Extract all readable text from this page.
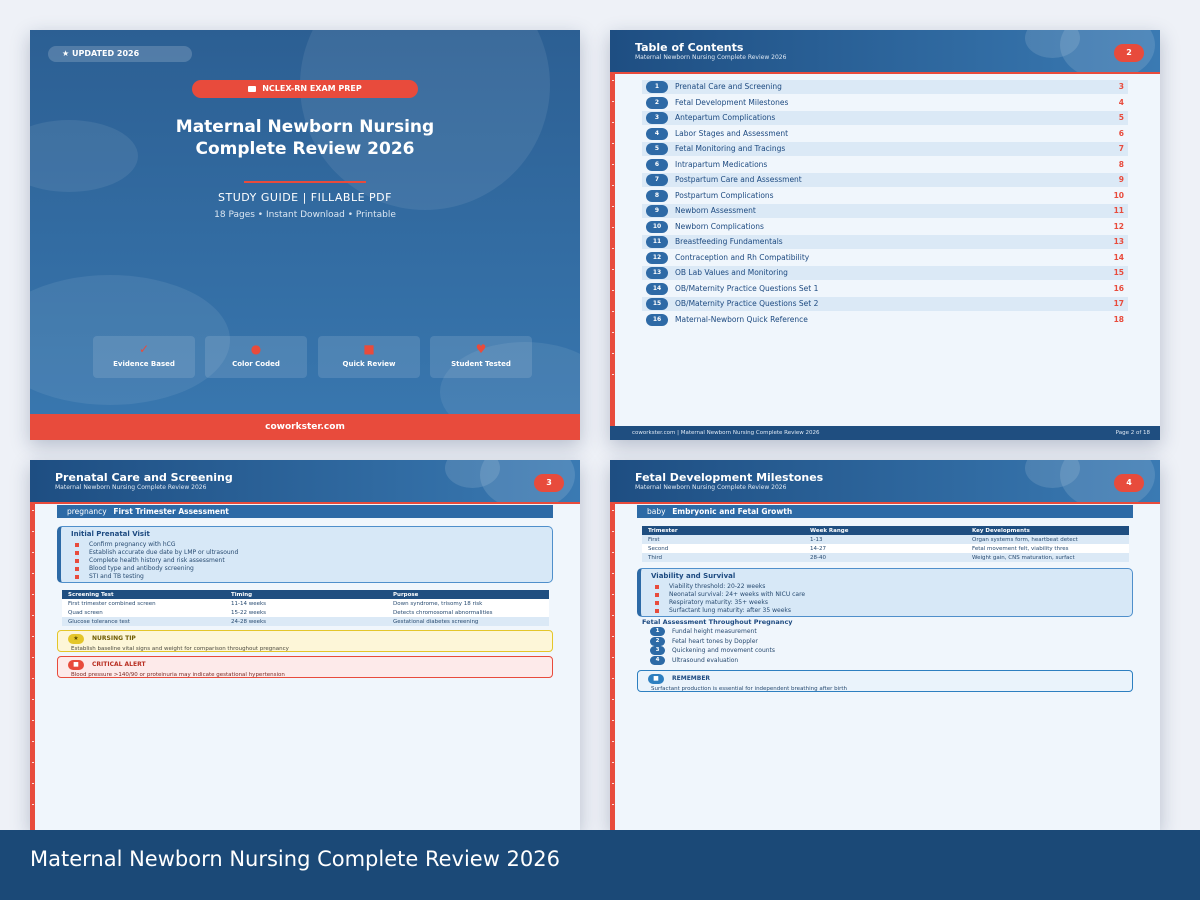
★ UPDATED 2026
NCLEX-RN EXAM PREP
Maternal Newborn Nursing
Complete Review 2026
STUDY GUIDE | FILLABLE PDF
18 Pages • Instant Download • Printable
✓
Evidence Based
●
Color Coded
■
Quick Review
♥
Student Tested
coworkster.com
Table of Contents
Maternal Newborn Nursing Complete Review 2026
2
1	Prenatal Care and Screening	3
2	Fetal Development Milestones	4
3	Antepartum Complications	5
4	Labor Stages and Assessment	6
5	Fetal Monitoring and Tracings	7
6	Intrapartum Medications	8
7	Postpartum Care and Assessment	9
8	Postpartum Complications	10
9	Newborn Assessment	11
10	Newborn Complications	12
11	Breastfeeding Fundamentals	13
12	Contraception and Rh Compatibility	14
13	OB Lab Values and Monitoring	15
14	OB/Maternity Practice Questions Set 1	16
15	OB/Maternity Practice Questions Set 2	17
16	Maternal-Newborn Quick Reference	18
coworkster.com | Maternal Newborn Nursing Complete Review 2026	Page 2 of 18
Prenatal Care and Screening
Maternal Newborn Nursing Complete Review 2026
3
pregnancy First Trimester Assessment
Initial Prenatal Visit
Confirm pregnancy with hCG
Establish accurate due date by LMP or ultrasound
Complete health history and risk assessment
Blood type and antibody screening
STI and TB testing
Screening Test	Timing	Purpose
First trimester combined screen	11-14 weeks	Down syndrome, trisomy 18 risk
Quad screen	15-22 weeks	Detects chromosomal abnormalities
Glucose tolerance test	24-28 weeks	Gestational diabetes screening
★	NURSING TIP
Establish baseline vital signs and weight for comparison throughout pregnancy
■	CRITICAL ALERT
Blood pressure >140/90 or proteinuria may indicate gestational hypertension
Fetal Development Milestones
Maternal Newborn Nursing Complete Review 2026
4
baby Embryonic and Fetal Growth
Trimester	Week Range	Key Developments
First	1-13	Organ systems form, heartbeat detect
Second	14-27	Fetal movement felt, viability thres
Third	28-40	Weight gain, CNS maturation, surfact
Viability and Survival
Viability threshold: 20-22 weeks
Neonatal survival: 24+ weeks with NICU care
Respiratory maturity: 35+ weeks
Surfactant lung maturity: after 35 weeks
Fetal Assessment Throughout Pregnancy
1	Fundal height measurement
2	Fetal heart tones by Doppler
3	Quickening and movement counts
4	Ultrasound evaluation
■	REMEMBER
Surfactant production is essential for independent breathing after birth
Maternal Newborn Nursing Complete Review 2026
